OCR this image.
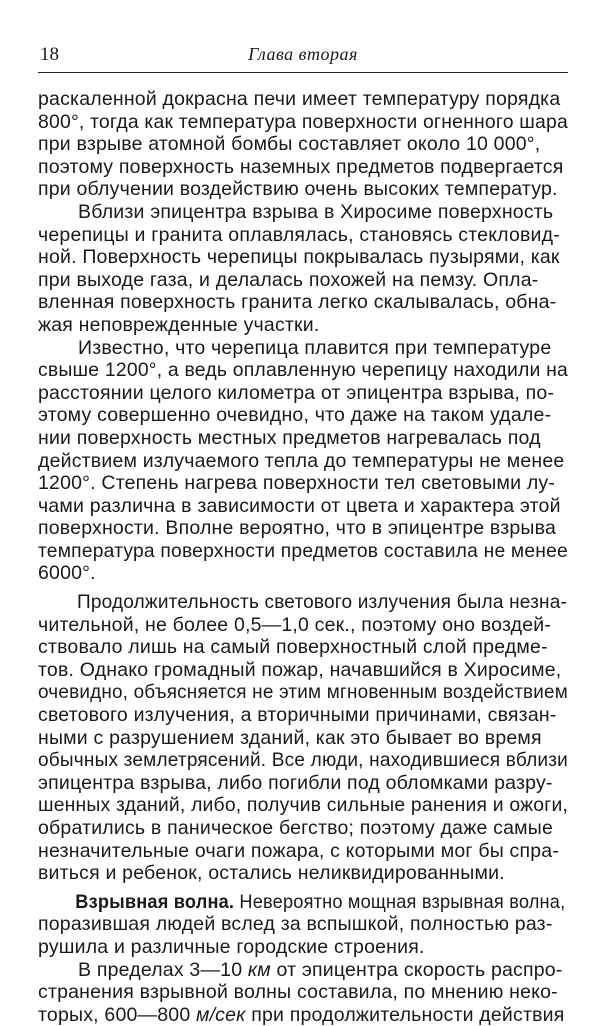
18	Глава вторая
раскаленной докрасна печи имеет температуру порядка
800°, тогда как температура поверхности огненного шара
при взрыве атомной бомбы составляет около 10 000°,
поэтому поверхность наземных предметов подвергается
при облучении воздействию очень высоких температур.
Вблизи эпицентра взрыва в Хиросиме поверхность
черепицы и гранита оплавлялась, становясь стекловид-
ной. Поверхность черепицы покрывалась пузырями, как
при выходе газа, и делалась похожей на пемзу. Опла-
вленная поверхность гранита легко скалывалась, обна-
жая неповрежденные участки.
Известно, что черепица плавится при температуре
свыше 1200°, а ведь оплавленную черепицу находили на
расстоянии целого километра от эпицентра взрыва, по-
этому совершенно очевидно, что даже на таком удале-
нии поверхность местных предметов нагревалась под
действием излучаемого тепла до температуры не менее
1200°. Степень нагрева поверхности тел световыми лу-
чами различна в зависимости от цвета и характера этой
поверхности. Вполне вероятно, что в эпицентре взрыва
температура поверхности предметов составила не менее
6000°.
Продолжительность светового излучения была незна-
чительной, не более 0,5—1,0 сек., поэтому оно воздей-
ствовало лишь на самый поверхностный слой предме-
тов. Однако громадный пожар, начавшийся в Хиросиме,
очевидно, объясняется не этим мгновенным воздействием
светового излучения, а вторичными причинами, связан-
ными с разрушением зданий, как это бывает во время
обычных землетрясений. Все люди, находившиеся вблизи
эпицентра взрыва, либо погибли под обломками разру-
шенных зданий, либо, получив сильные ранения и ожоги,
обратились в паническое бегство; поэтому даже самые
незначительные очаги пожара, с которыми мог бы спра-
виться и ребенок, остались неликвидированными.
Взрывная волна. Невероятно мощная взрывная волна,
поразившая людей вслед за вспышкой, полностью раз-
рушила и различные городские строения.
В пределах 3—10 км от эпицентра скорость распро-
странения взрывной волны составила, по мнению неко-
торых, 600—800 м/сек при продолжительности действия
